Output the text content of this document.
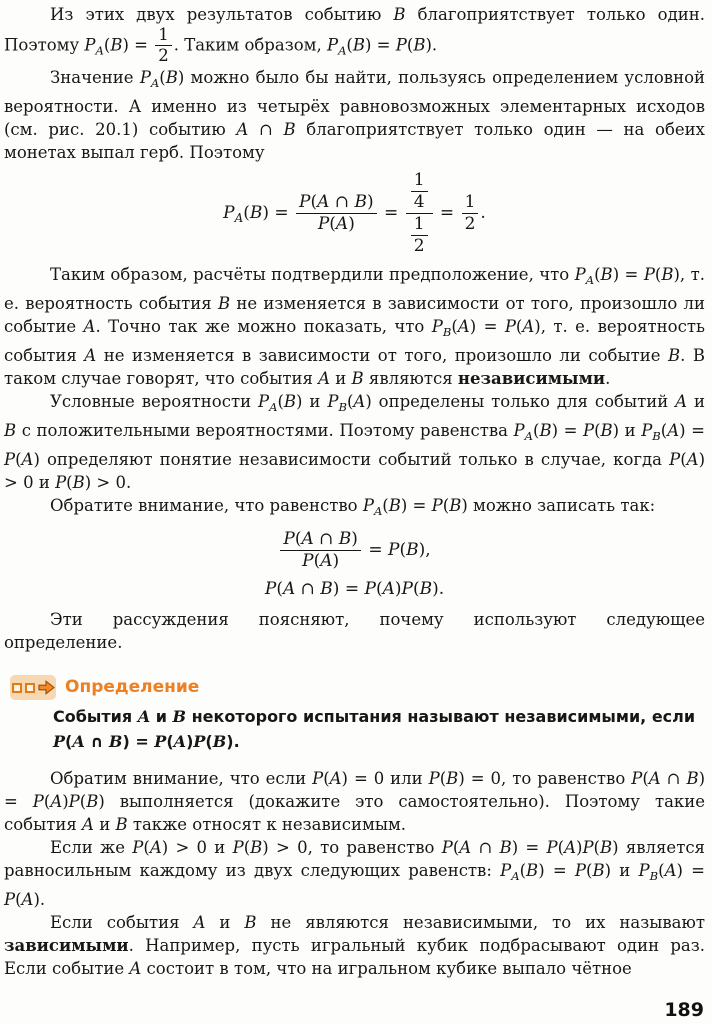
Из этих двух результатов событию B благоприятствует только один. Поэтому $P_A(B) = \frac{1}{2}$ . Таким образом, $P_A(B) = P(B)$.

Значение $P_A(B)$ можно было бы найти, пользуясь определением условной вероятности. А именно из четырёх равновозможных элементарных исходов (см. рис. 20.1) событию A ∩ B благоприятствует только один — на обеих монетах выпал герб. Поэтому

$P_A(B) = \frac{P(A \cap B)}{P(A)} = \frac{\frac{1}{4}}{\frac{1}{2}} = \frac{1}{2}$ .

Таким образом, расчёты подтвердили предположение, что $P_A(B) = P(B)$, т. е. вероятность события B не изменяется в зависимости от того, произошло ли событие A. Точно так же можно показать, что $P_B(A) = P(A)$, т. е. вероятность события A не изменяется в зависимости от того, произошло ли событие B. В таком случае говорят, что события A и B являются независимыми.

Условные вероятности $P_A(B)$ и $P_B(A)$ определены только для событий A и B с положительными вероятностями. Поэтому равенства $P_A(B) = P(B)$ и $P_B(A) = P(A)$ определяют понятие независимости событий только в случае, когда P(A) > 0 и P(B) > 0.

Обратите внимание, что равенство $P_A(B) = P(B)$ можно записать так:

$\frac{P(A \cap B)}{P(A)} = P(B)$,
P(A ∩ B) = P(A)P(B).

Эти рассуждения поясняют, почему используют следующее определение.

Определение
События A и B некоторого испытания называют независимыми, если P(A ∩ B) = P(A)P(B).

Обратим внимание, что если P(A) = 0 или P(B) = 0, то равенство P(A ∩ B) = P(A)P(B) выполняется (докажите это самостоятельно). Поэтому такие события A и B также относят к независимым.

Если же P(A) > 0 и P(B) > 0, то равенство P(A ∩ B) = P(A)P(B) является равносильным каждому из двух следующих равенств: $P_A(B) = P(B)$ и $P_B(A) = P(A)$.

Если события A и B не являются независимыми, то их называют зависимыми. Например, пусть игральный кубик подбрасывают один раз. Если событие A состоит в том, что на игральном кубике выпало чётное

189
